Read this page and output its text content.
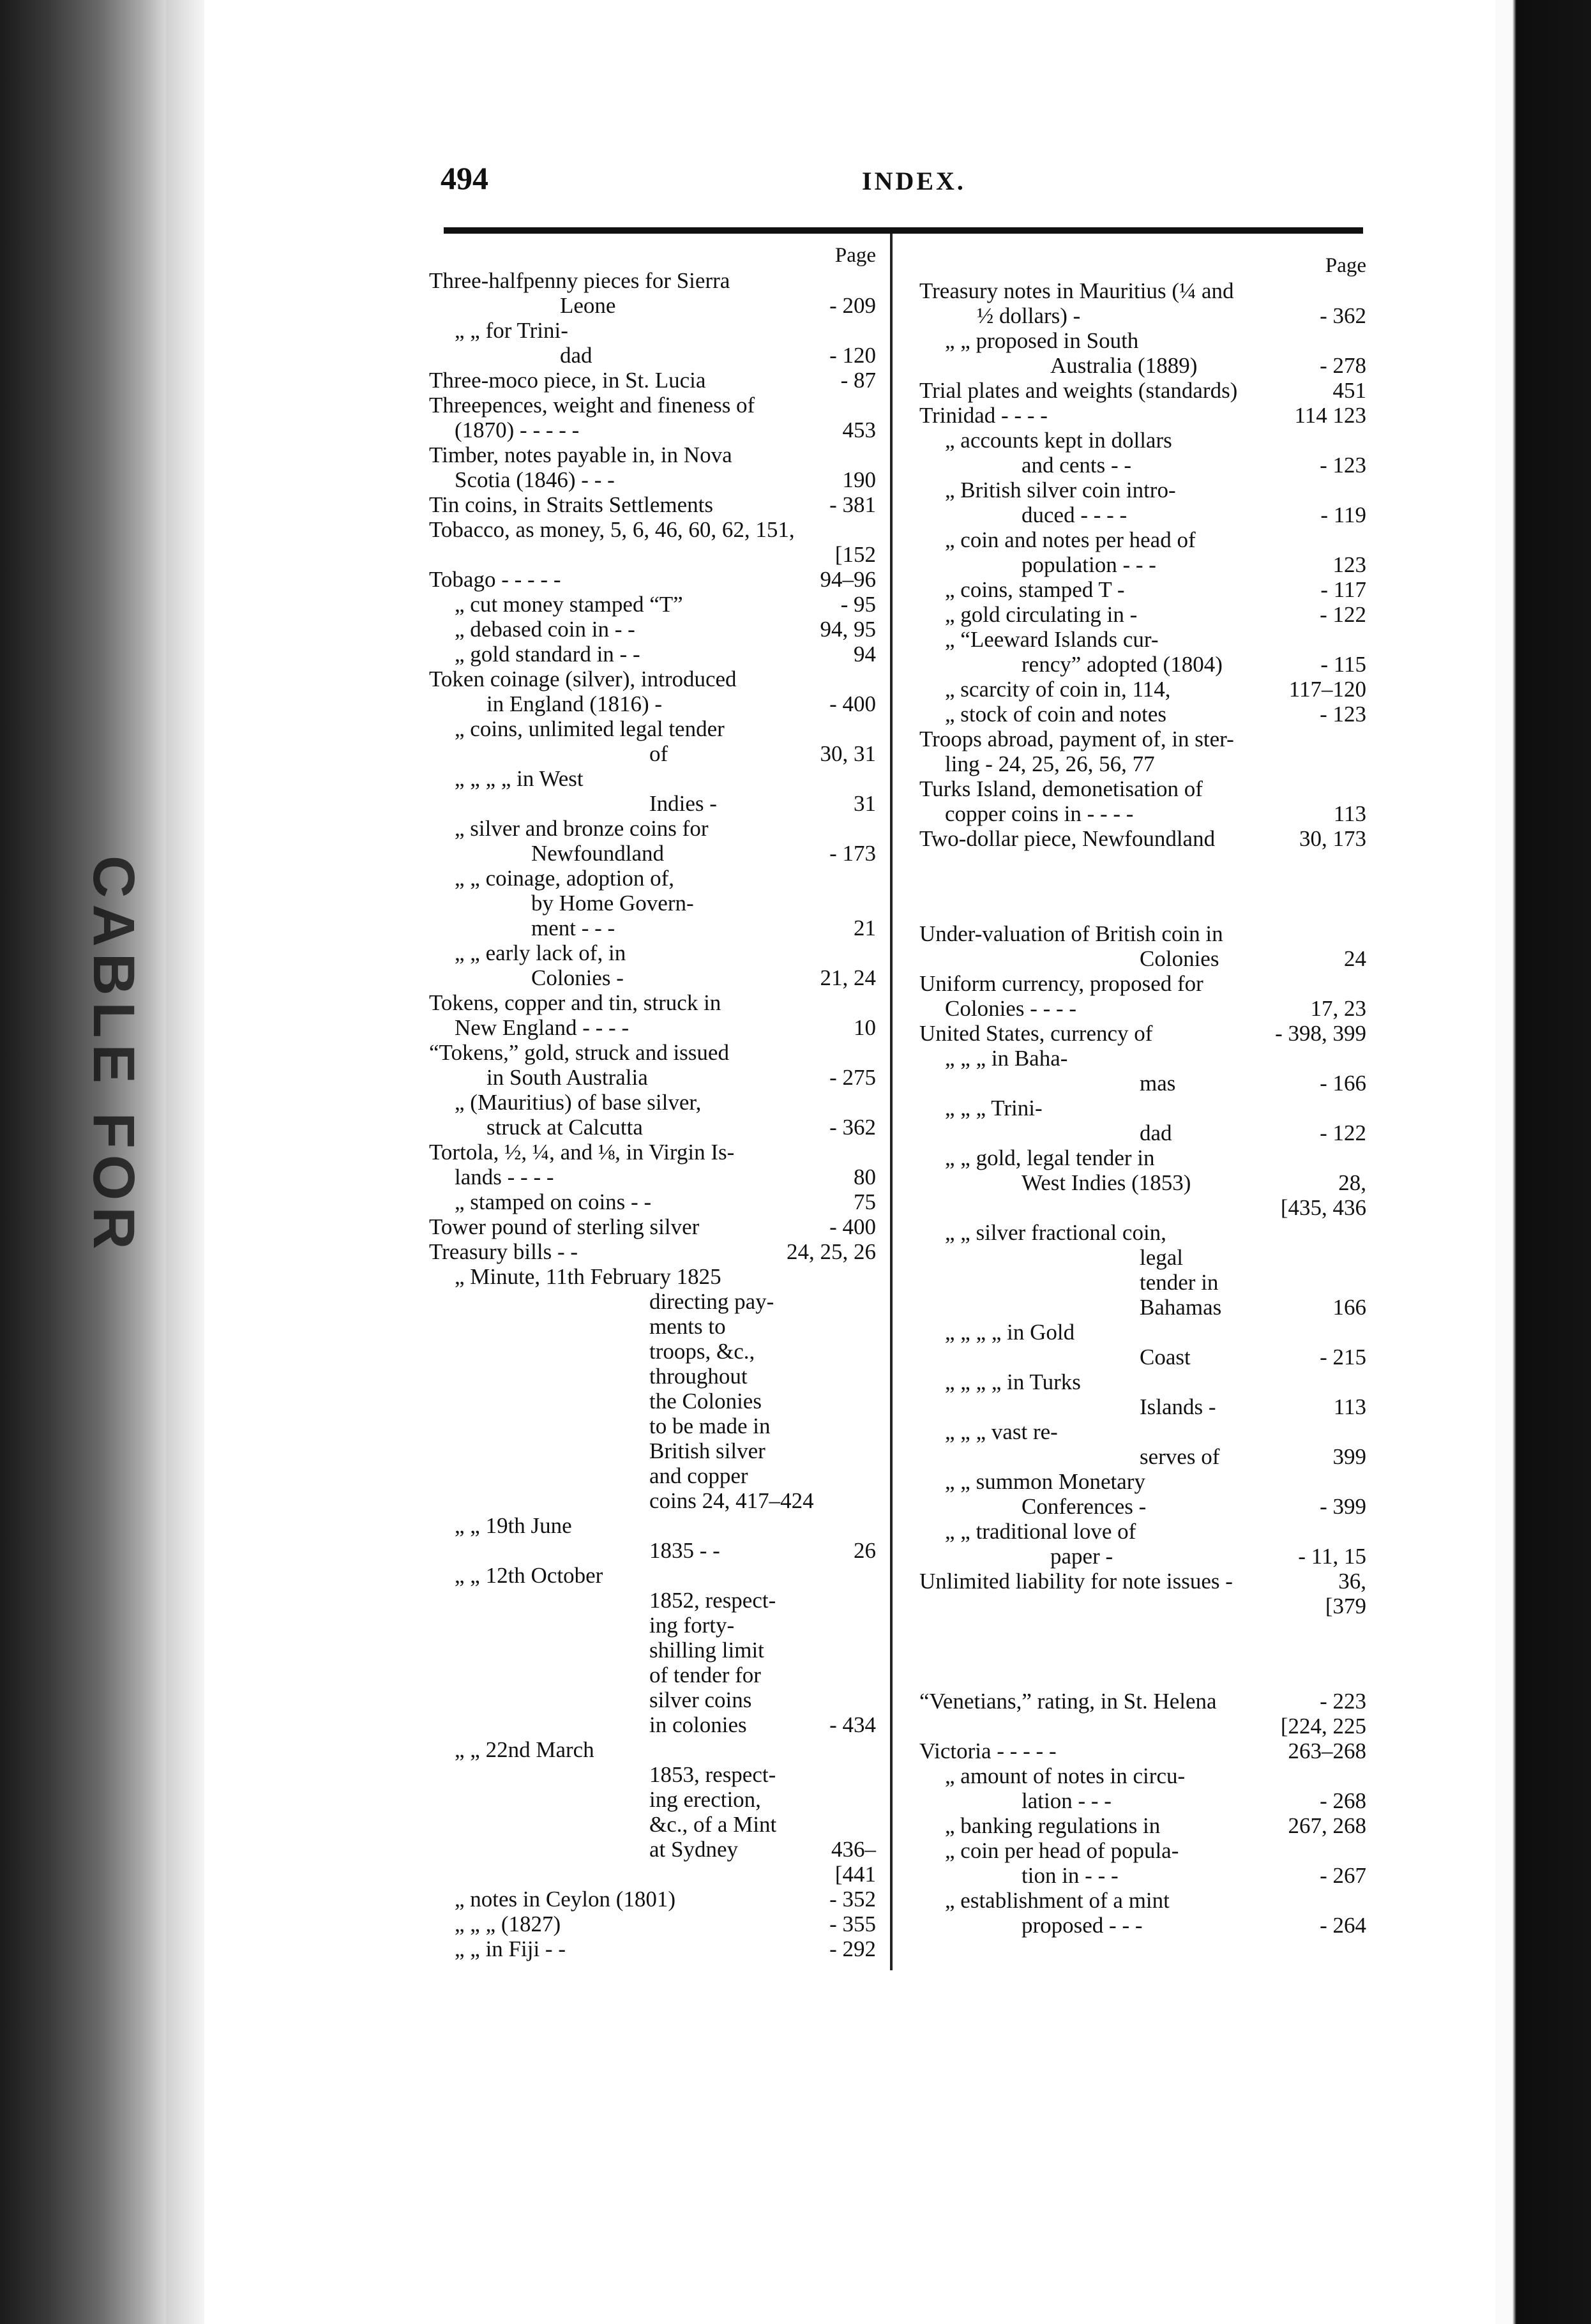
CABLE FOR
494	INDEX.
Page
Three-halfpenny pieces for Sierra
Leone	- 209
„ „ for Trini-
dad	- 120
Three-moco piece, in St. Lucia	- 87
Threepences, weight and fineness of
(1870) - - - - -	453
Timber, notes payable in, in Nova
Scotia (1846) - - -	190
Tin coins, in Straits Settlements	- 381
Tobacco, as money, 5, 6, 46, 60, 62, 151,
[152
Tobago - - - - -	94–96
„ cut money stamped “T”	- 95
„ debased coin in - -	94, 95
„ gold standard in - -	94
Token coinage (silver), introduced
in England (1816) -	- 400
„ coins, unlimited legal tender
of	30, 31
„ „ „ „ in West
Indies -	31
„ silver and bronze coins for
Newfoundland	- 173
„ „ coinage, adoption of,
by Home Govern-
ment - - -	21
„ „ early lack of, in
Colonies -	21, 24
Tokens, copper and tin, struck in
New England - - - -	10
“Tokens,” gold, struck and issued
in South Australia	- 275
„ (Mauritius) of base silver,
struck at Calcutta	- 362
Tortola, ½, ¼, and ⅛, in Virgin Is-
lands - - - -	80
„ stamped on coins - -	75
Tower pound of sterling silver	- 400
Treasury bills - -	24, 25, 26
„ Minute, 11th February 1825
directing pay-
ments to
troops, &c.,
throughout
the Colonies
to be made in
British silver
and copper
coins 24, 417–424
„ „ 19th June
1835 - -	26
„ „ 12th October
1852, respect-
ing forty-
shilling limit
of tender for
silver coins
in colonies	- 434
„ „ 22nd March
1853, respect-
ing erection,
&c., of a Mint
at Sydney	436–
[441
„ notes in Ceylon (1801)	- 352
„ „ „ (1827)	- 355
„ „ in Fiji - -	- 292
Page
Treasury notes in Mauritius (¼ and
½ dollars) -	- 362
„ „ proposed in South
Australia (1889)	- 278
Trial plates and weights (standards)	451
Trinidad - - - -	114 123
„ accounts kept in dollars
and cents - -	- 123
„ British silver coin intro-
duced - - - -	- 119
„ coin and notes per head of
population - - -	123
„ coins, stamped T -	- 117
„ gold circulating in -	- 122
„ “Leeward Islands cur-
rency” adopted (1804)	- 115
„ scarcity of coin in, 114,	117–120
„ stock of coin and notes	- 123
Troops abroad, payment of, in ster-
ling - 24, 25, 26, 56, 77
Turks Island, demonetisation of
copper coins in - - - -	113
Two-dollar piece, Newfoundland	30, 173
Under-valuation of British coin in
Colonies	24
Uniform currency, proposed for
Colonies - - - -	17, 23
United States, currency of	- 398, 399
„ „ „ in Baha-
mas	- 166
„ „ „ Trini-
dad	- 122
„ „ gold, legal tender in
West Indies (1853)	28,
[435, 436
„ „ silver fractional coin,
legal
tender in
Bahamas	166
„ „ „ „ in Gold
Coast	- 215
„ „ „ „ in Turks
Islands -	113
„ „ „ vast re-
serves of	399
„ „ summon Monetary
Conferences -	- 399
„ „ traditional love of
paper -	- 11, 15
Unlimited liability for note issues -	36,
[379
“Venetians,” rating, in St. Helena	- 223
[224, 225
Victoria - - - - -	263–268
„ amount of notes in circu-
lation - - -	- 268
„ banking regulations in	267, 268
„ coin per head of popula-
tion in - - -	- 267
„ establishment of a mint
proposed - - -	- 264
